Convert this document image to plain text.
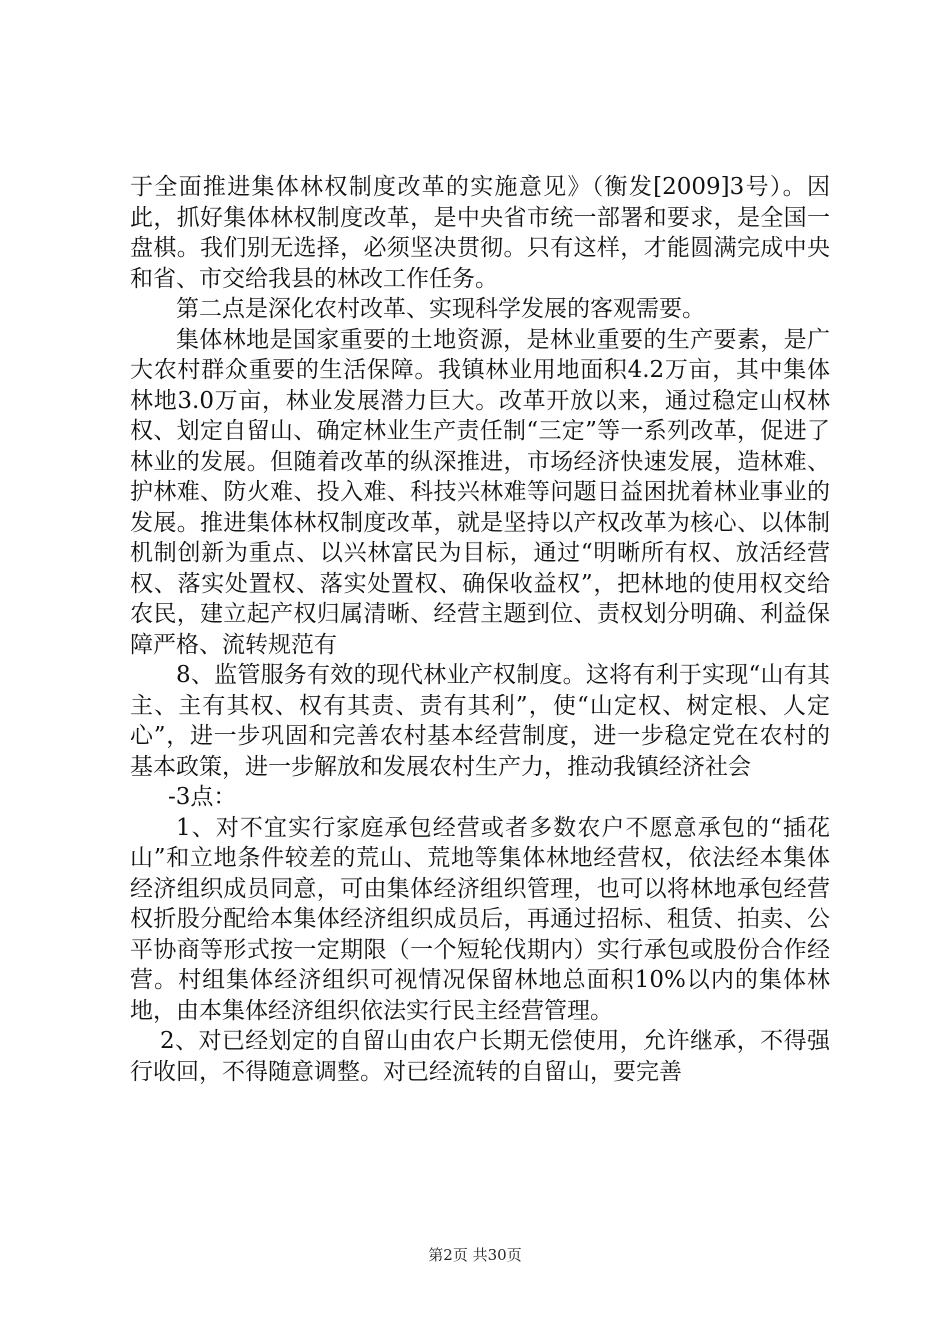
于全面推进集体林权制度改革的实施意见》（衡发[2009]3号）。因此，抓好集体林权制度改革，是中央省市统一部署和要求，是全国一盘棋。我们别无选择，必须坚决贯彻。只有这样，才能圆满完成中央和省、市交给我县的林改工作任务。

第二点是深化农村改革、实现科学发展的客观需要。

集体林地是国家重要的土地资源，是林业重要的生产要素，是广大农村群众重要的生活保障。我镇林业用地面积4.2万亩，其中集体林地3.0万亩，林业发展潜力巨大。改革开放以来，通过稳定山权林权、划定自留山、确定林业生产责任制“三定”等一系列改革，促进了林业的发展。但随着改革的纵深推进，市场经济快速发展，造林难、护林难、防火难、投入难、科技兴林难等问题日益困扰着林业事业的发展。推进集体林权制度改革，就是坚持以产权改革为核心、以体制机制创新为重点、以兴林富民为目标，通过“明晰所有权、放活经营权、落实处置权、落实处置权、确保收益权”，把林地的使用权交给农民，建立起产权归属清晰、经营主题到位、责权划分明确、利益保障严格、流转规范有

8、监管服务有效的现代林业产权制度。这将有利于实现“山有其主、主有其权、权有其责、责有其利”，使“山定权、树定根、人定心”，进一步巩固和完善农村基本经营制度，进一步稳定党在农村的基本政策，进一步解放和发展农村生产力，推动我镇经济社会

-3点：

1、对不宜实行家庭承包经营或者多数农户不愿意承包的“插花山”和立地条件较差的荒山、荒地等集体林地经营权，依法经本集体经济组织成员同意，可由集体经济组织管理，也可以将林地承包经营权折股分配给本集体经济组织成员后，再通过招标、租赁、拍卖、公平协商等形式按一定期限（一个短轮伐期内）实行承包或股份合作经营。村组集体经济组织可视情况保留林地总面积10%以内的集体林地，由本集体经济组织依法实行民主经营管理。

2、对已经划定的自留山由农户长期无偿使用，允许继承，不得强行收回，不得随意调整。对已经流转的自留山，要完善

第2页 共30页
